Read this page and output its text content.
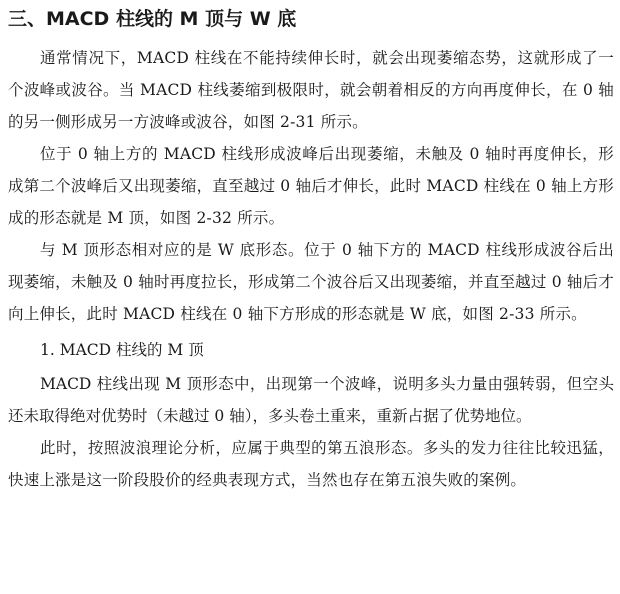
三、MACD 柱线的 M 顶与 W 底

通常情况下，MACD 柱线在不能持续伸长时，就会出现萎缩态势，这就形成了一个波峰或波谷。当 MACD 柱线萎缩到极限时，就会朝着相反的方向再度伸长，在 0 轴的另一侧形成另一方波峰或波谷，如图 2-31 所示。

位于 0 轴上方的 MACD 柱线形成波峰后出现萎缩，未触及 0 轴时再度伸长，形成第二个波峰后又出现萎缩，直至越过 0 轴后才伸长，此时 MACD 柱线在 0 轴上方形成的形态就是 M 顶，如图 2-32 所示。

与 M 顶形态相对应的是 W 底形态。位于 0 轴下方的 MACD 柱线形成波谷后出现萎缩，未触及 0 轴时再度拉长，形成第二个波谷后又出现萎缩，并直至越过 0 轴后才向上伸长，此时 MACD 柱线在 0 轴下方形成的形态就是 W 底，如图 2-33 所示。

1. MACD 柱线的 M 顶

MACD 柱线出现 M 顶形态中，出现第一个波峰，说明多头力量由强转弱，但空头还未取得绝对优势时（未越过 0 轴），多头卷土重来，重新占据了优势地位。

此时，按照波浪理论分析，应属于典型的第五浪形态。多头的发力往往比较迅猛，快速上涨是这一阶段股价的经典表现方式，当然也存在第五浪失败的案例。
